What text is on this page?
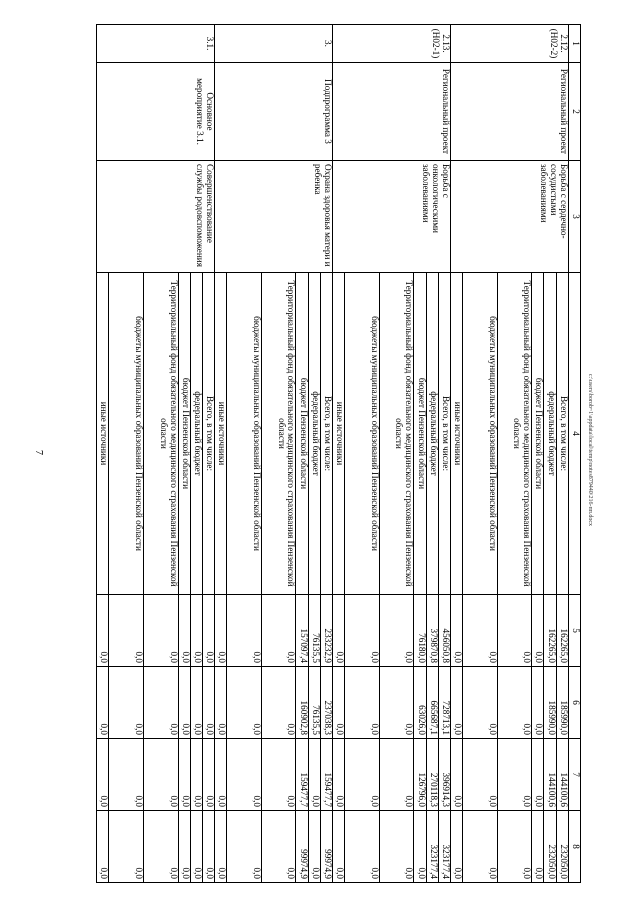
7
1	2	3	4	5	6	7	8
2.12. (Н02-2)	Региональный проект	Борьба с сердечно-сосудистыми заболеваниями	Всего, в том числе:	162265,0	185990,0	144100,6	232050,0
			федеральный бюджет	162265,0	185990,0	144100,6	232050,0
			бюджет Пензенской области	0,0	0,0	0,0	0,0
			Территориальный фонд обязательного медицинского страхования Пензенской области	0,0	0,0	0,0	0,0
			бюджеты муниципальных образований Пензенской области	0,0	0,0	0,0	0,0
			иные источники	0,0	0,0	0,0	0,0
2.13. (Н02-1)	Региональный проект	Борьба с онкологическими заболеваниями	Всего, в том числе:	456050,8	728713,1	396914,3	323177,4
			федеральный бюджет	379870,8	665687,1	270118,3	323177,4
			бюджет Пензенской области	76180,0	63026,0	126796,0	0,0
			Территориальный фонд обязательного медицинского страхования Пензенской области	0,0	0,0	0,0	0,0
			бюджеты муниципальных образований Пензенской области	0,0	0,0	0,0	0,0
			иные источники	0,0	0,0	0,0	0,0
3.	Подпрограмма 3	Охрана здоровья матери и ребенка	Всего, в том числе:	233232,9	237038,3	159477,7	99974,9
			федеральный бюджет	76135,5	76135,5	0,0	0,0
			бюджет Пензенской области	157097,4	160902,8	159477,7	99974,9
			Территориальный фонд обязательного медицинского страхования Пензенской области	0,0	0,0	0,0	0,0
			бюджеты муниципальных образований Пензенской области	0,0	0,0	0,0	0,0
			иные источники	0,0	0,0	0,0	0,0
3.1.	Основное мероприятие 3.1.	Совершенствование службы родовспоможения	Всего, в том числе:	0,0	0,0	0,0	0,0
			федеральный бюджет	0,0	0,0	0,0	0,0
			бюджет Пензенской области	0,0	0,0	0,0	0,0
			Территориальный фонд обязательного медицинского страхования Пензенской области	0,0	0,0	0,0	0,0
			бюджеты муниципальных образований Пензенской области	0,0	0,0	0,0	0,0
			иные источники	0,0	0,0	0,0	0,0
c:\users\borob~1\appdata\local\temp\notes879440\216-пп.docx
